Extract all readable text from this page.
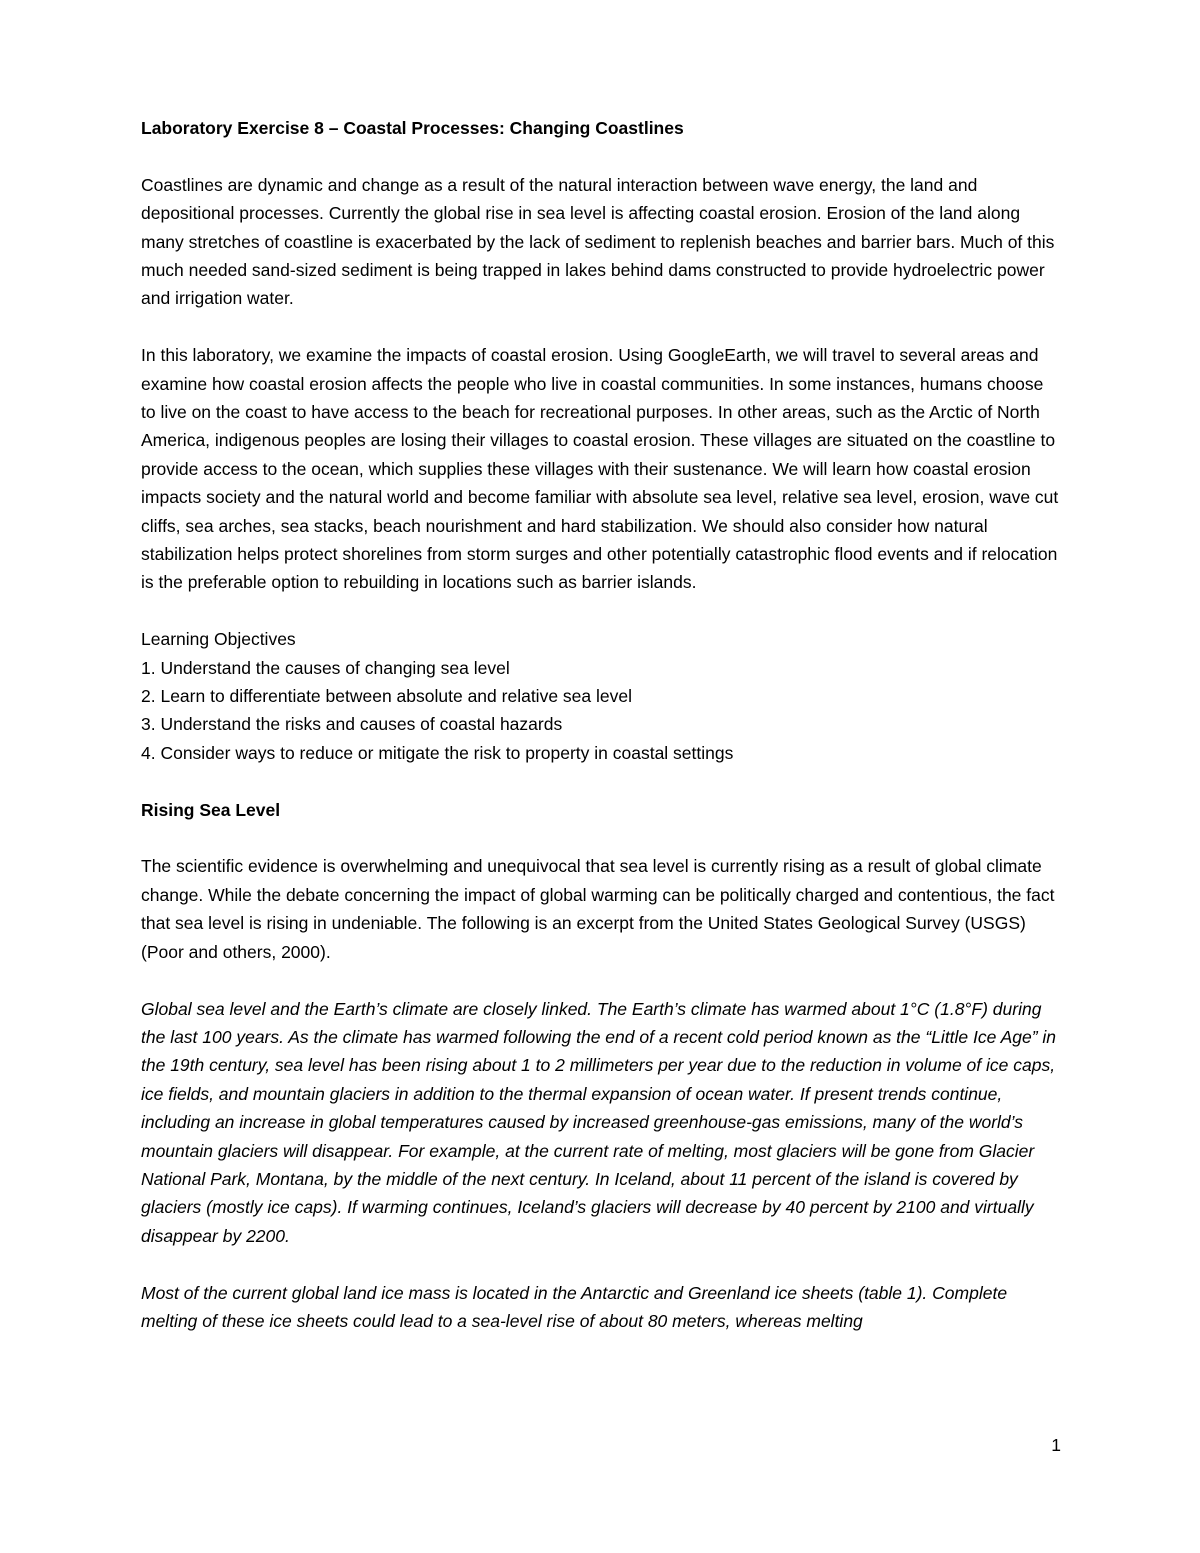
Laboratory Exercise 8 – Coastal Processes: Changing Coastlines

Coastlines are dynamic and change as a result of the natural interaction between wave energy, the land and depositional processes. Currently the global rise in sea level is affecting coastal erosion. Erosion of the land along many stretches of coastline is exacerbated by the lack of sediment to replenish beaches and barrier bars. Much of this much needed sand-sized sediment is being trapped in lakes behind dams constructed to provide hydroelectric power and irrigation water.

In this laboratory, we examine the impacts of coastal erosion. Using GoogleEarth, we will travel to several areas and examine how coastal erosion affects the people who live in coastal communities. In some instances, humans choose to live on the coast to have access to the beach for recreational purposes. In other areas, such as the Arctic of North America, indigenous peoples are losing their villages to coastal erosion. These villages are situated on the coastline to provide access to the ocean, which supplies these villages with their sustenance. We will learn how coastal erosion impacts society and the natural world and become familiar with absolute sea level, relative sea level, erosion, wave cut cliffs, sea arches, sea stacks, beach nourishment and hard stabilization. We should also consider how natural stabilization helps protect shorelines from storm surges and other potentially catastrophic flood events and if relocation is the preferable option to rebuilding in locations such as barrier islands.

Learning Objectives

1. Understand the causes of changing sea level
2. Learn to differentiate between absolute and relative sea level
3. Understand the risks and causes of coastal hazards
4. Consider ways to reduce or mitigate the risk to property in coastal settings

Rising Sea Level

The scientific evidence is overwhelming and unequivocal that sea level is currently rising as a result of global climate change. While the debate concerning the impact of global warming can be politically charged and contentious, the fact that sea level is rising in undeniable. The following is an excerpt from the United States Geological Survey (USGS) (Poor and others, 2000).

Global sea level and the Earth’s climate are closely linked. The Earth’s climate has warmed about 1°C (1.8°F) during the last 100 years. As the climate has warmed following the end of a recent cold period known as the “Little Ice Age” in the 19th century, sea level has been rising about 1 to 2 millimeters per year due to the reduction in volume of ice caps, ice fields, and mountain glaciers in addition to the thermal expansion of ocean water. If present trends continue, including an increase in global temperatures caused by increased greenhouse-gas emissions, many of the world’s mountain glaciers will disappear. For example, at the current rate of melting, most glaciers will be gone from Glacier National Park, Montana, by the middle of the next century. In Iceland, about 11 percent of the island is covered by glaciers (mostly ice caps). If warming continues, Iceland’s glaciers will decrease by 40 percent by 2100 and virtually disappear by 2200.

Most of the current global land ice mass is located in the Antarctic and Greenland ice sheets (table 1). Complete melting of these ice sheets could lead to a sea-level rise of about 80 meters, whereas melting

1
